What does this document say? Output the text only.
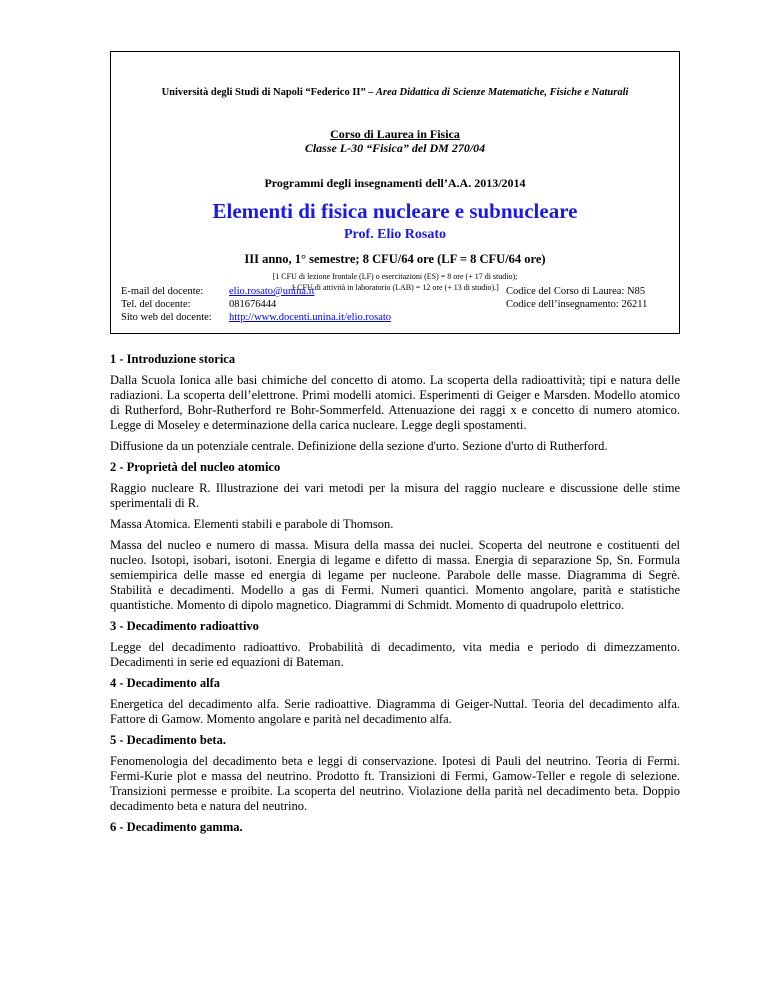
Università degli Studi di Napoli “Federico II” – Area Didattica di Scienze Matematiche, Fisiche e Naturali
Corso di Laurea in Fisica
Classe L-30 “Fisica” del DM 270/04
Programmi degli insegnamenti dell’A.A. 2013/2014
Elementi di fisica nucleare e subnucleare
Prof. Elio Rosato
III anno, 1° semestre; 8 CFU/64 ore (LF = 8 CFU/64 ore)
[1 CFU di lezione frontale (LF) o esercitazioni (ES) = 8 ore (+ 17 di studio);
1 CFU di attività in laboratorio (LAB) = 12 ore (+ 13 di studio).]
E-mail del docente:
Tel. del docente:
Sito web del docente:
elio.rosato@unina.it
081676444
http://www.docenti.unina.it/elio.rosato
Codice del Corso di Laurea: N85
Codice dell’insegnamento: 26211
1 - Introduzione storica

Dalla Scuola Ionica alle basi chimiche del concetto di atomo. La scoperta della radioattività; tipi e natura delle radiazioni. La scoperta dell’elettrone. Primi modelli atomici. Esperimenti di Geiger e Marsden. Modello atomico di Rutherford, Bohr-Rutherford re Bohr-Sommerfeld. Attenuazione dei raggi x e concetto di numero atomico. Legge di Moseley e determinazione della carica nucleare. Legge degli spostamenti.

Diffusione da un potenziale centrale. Definizione della sezione d'urto. Sezione d'urto di Rutherford.

2 - Proprietà del nucleo atomico

Raggio nucleare R. Illustrazione dei vari metodi per la misura del raggio nucleare e discussione delle stime sperimentali di R.

Massa Atomica. Elementi stabili e parabole di Thomson.

Massa del nucleo e numero di massa. Misura della massa dei nuclei. Scoperta del neutrone e costituenti del nucleo. Isotopi, isobari, isotoni. Energia di legame e difetto di massa. Energia di separazione Sp, Sn. Formula semiempirica delle masse ed energia di legame per nucleone. Parabole delle masse. Diagramma di Segrè. Stabilità e decadimenti. Modello a gas di Fermi. Numeri quantici. Momento angolare, parità e statistiche quantistiche. Momento di dipolo magnetico. Diagrammi di Schmidt. Momento di quadrupolo elettrico.

3 - Decadimento radioattivo

Legge del decadimento radioattivo. Probabilità di decadimento, vita media e periodo di dimezzamento. Decadimenti in serie ed equazioni di Bateman.

4 - Decadimento alfa

Energetica del decadimento alfa. Serie radioattive. Diagramma di Geiger-Nuttal. Teoria del decadimento alfa. Fattore di Gamow. Momento angolare e parità nel decadimento alfa.

5 - Decadimento beta.

Fenomenologia del decadimento beta e leggi di conservazione. Ipotesi di Pauli del neutrino. Teoria di Fermi. Fermi-Kurie plot e massa del neutrino. Prodotto ft. Transizioni di Fermi, Gamow-Teller e regole di selezione. Transizioni permesse e proibite. La scoperta del neutrino. Violazione della parità nel decadimento beta. Doppio decadimento beta e natura del neutrino.

6 - Decadimento gamma.
